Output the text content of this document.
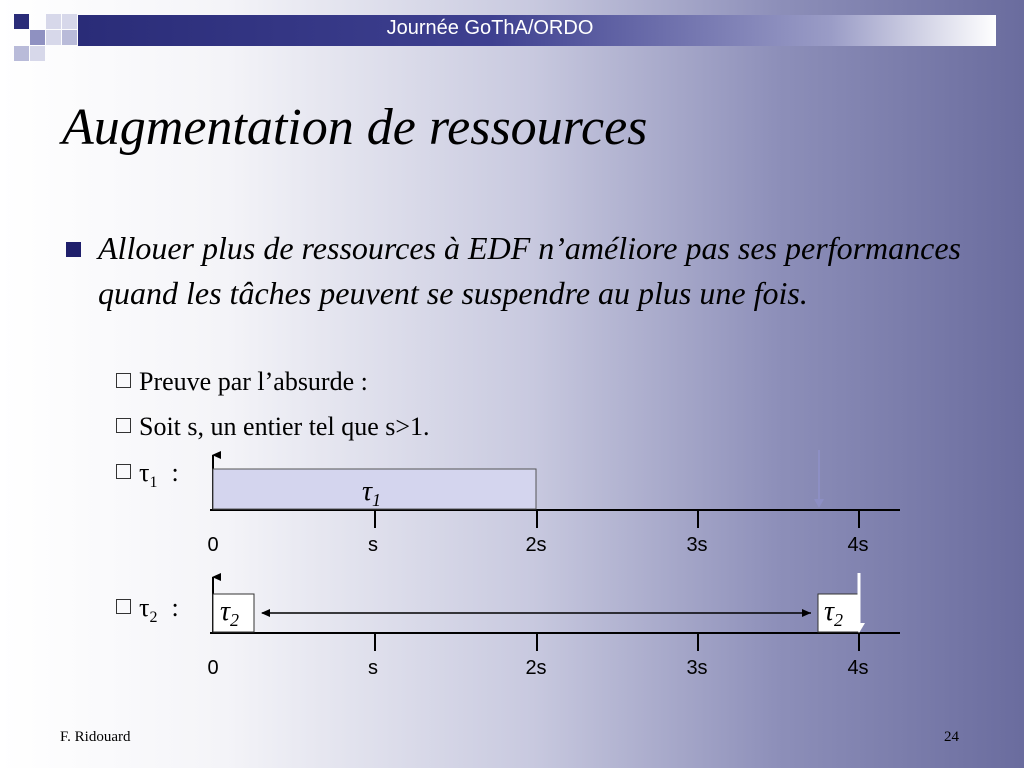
Journée GoThA/ORDO
Augmentation de ressources
Allouer plus de ressources à EDF n’améliore pas ses performances quand les tâches peuvent se suspendre au plus une fois.
Preuve par l’absurde :
Soit s, un entier tel que s>1.
$\tau_1$ :
$\tau_2$ :
$\tau_1$
0	s	2s	3s	4s
$\tau_2$	$\tau_2$
0	s	2s	3s	4s
F. Ridouard	24
